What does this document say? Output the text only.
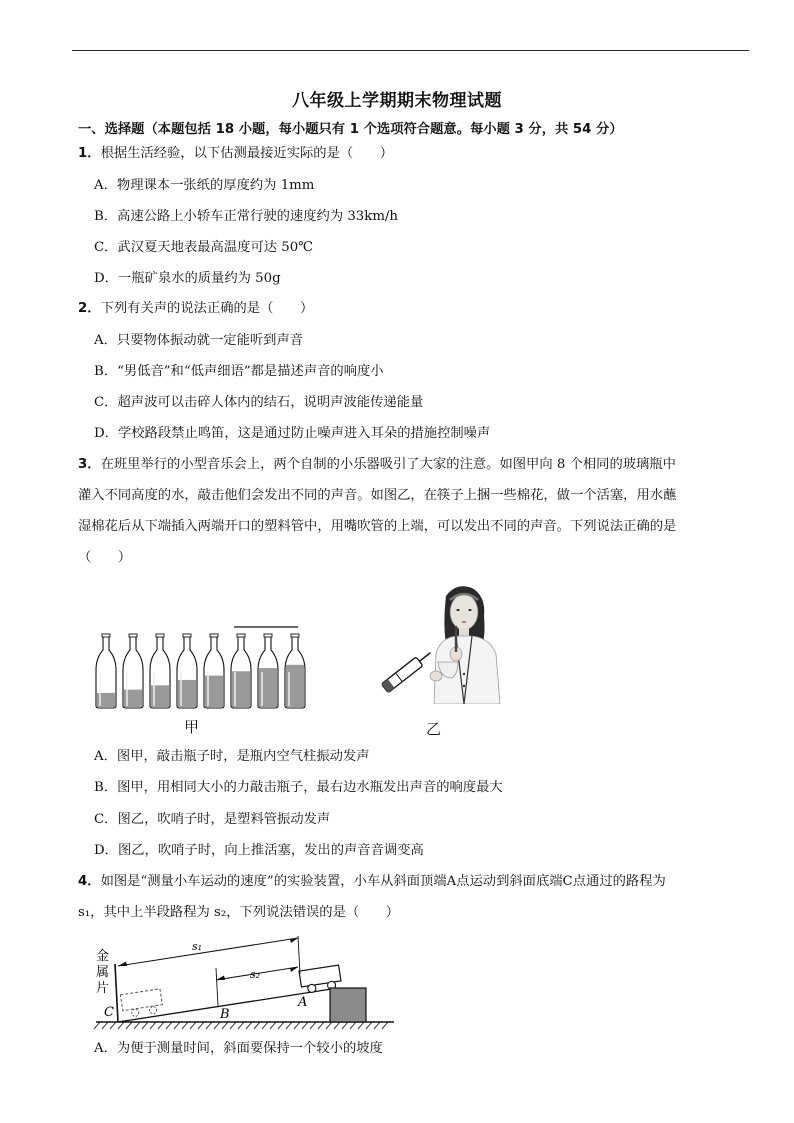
八年级上学期期末物理试题
一、选择题（本题包括 18 小题，每小题只有 1 个选项符合题意。每小题 3 分，共 54 分）
1．根据生活经验，以下估测最接近实际的是（　　）
A．物理课本一张纸的厚度约为 1mm
B．高速公路上小轿车正常行驶的速度约为 33km/h
C．武汉夏天地表最高温度可达 50℃
D．一瓶矿泉水的质量约为 50g
2．下列有关声的说法正确的是（　　）
A．只要物体振动就一定能听到声音
B．“男低音”和“低声细语”都是描述声音的响度小
C．超声波可以击碎人体内的结石，说明声波能传递能量
D．学校路段禁止鸣笛，这是通过防止噪声进入耳朵的措施控制噪声
3．在班里举行的小型音乐会上，两个自制的小乐器吸引了大家的注意。如图甲向 8 个相同的玻璃瓶中
灌入不同高度的水，敲击他们会发出不同的声音。如图乙，在筷子上捆一些棉花，做一个活塞，用水蘸
湿棉花后从下端插入两端开口的塑料管中，用嘴吹管的上端，可以发出不同的声音。下列说法正确的是
（　　）
甲	乙
A．图甲，敲击瓶子时，是瓶内空气柱振动发声
B．图甲，用相同大小的力敲击瓶子，最右边水瓶发出声音的响度最大
C．图乙，吹哨子时，是塑料管振动发声
D．图乙，吹哨子时，向上推活塞，发出的声音音调变高
4．如图是“测量小车运动的速度”的实验装置，小车从斜面顶端A点运动到斜面底端C点通过的路程为
s₁，其中上半段路程为 s₂，下列说法错误的是（　　）
s₁
s₂
金
属
片
C	B
A
A．为便于测量时间，斜面要保持一个较小的坡度
